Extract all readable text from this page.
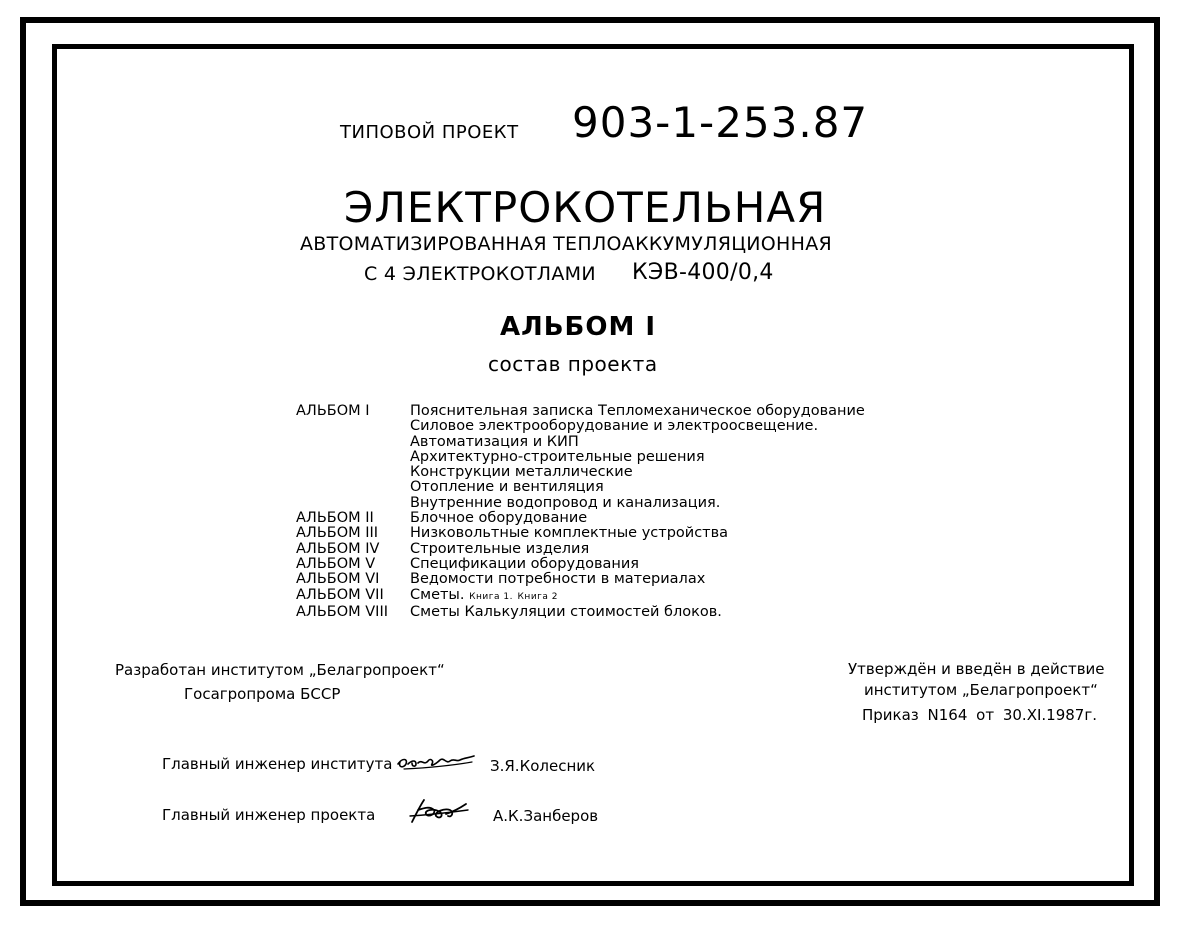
ТИПОВОЙ ПРОЕКТ 903-1-253.87
ЭЛЕКТРОКОТЕЛЬНАЯ
АВТОМАТИЗИРОВАННАЯ ТЕПЛОАККУМУЛЯЦИОННАЯ
С 4 ЭЛЕКТРОКОТЛАМИ КЭВ-400/0,4
АЛЬБОМ I
состав проекта
АЛЬБОМ I	Пояснительная записка Тепломеханическое оборудование
Силовое электрооборудование и электроосвещение.
Автоматизация и КИП
Архитектурно-строительные решения
Конструкции металлические
Отопление и вентиляция
Внутренние водопровод и канализация.
АЛЬБОМ II	Блочное оборудование
АЛЬБОМ III	Низковольтные комплектные устройства
АЛЬБОМ IV	Строительные изделия
АЛЬБОМ V	Спецификации оборудования
АЛЬБОМ VI	Ведомости потребности в материалах
АЛЬБОМ VII	Сметы. Книга 1. Книга 2
АЛЬБОМ VIII	Сметы Калькуляции стоимостей блоков.
Разработан институтом „Белагропроект“
Госагропрома БССР
Утверждён и введён в действие
институтом „Белагропроект“
Приказ N164 от 30.XI.1987г.
Главный инженер института	З.Я.Колесник
Главный инженер проекта	А.К.Занберов
